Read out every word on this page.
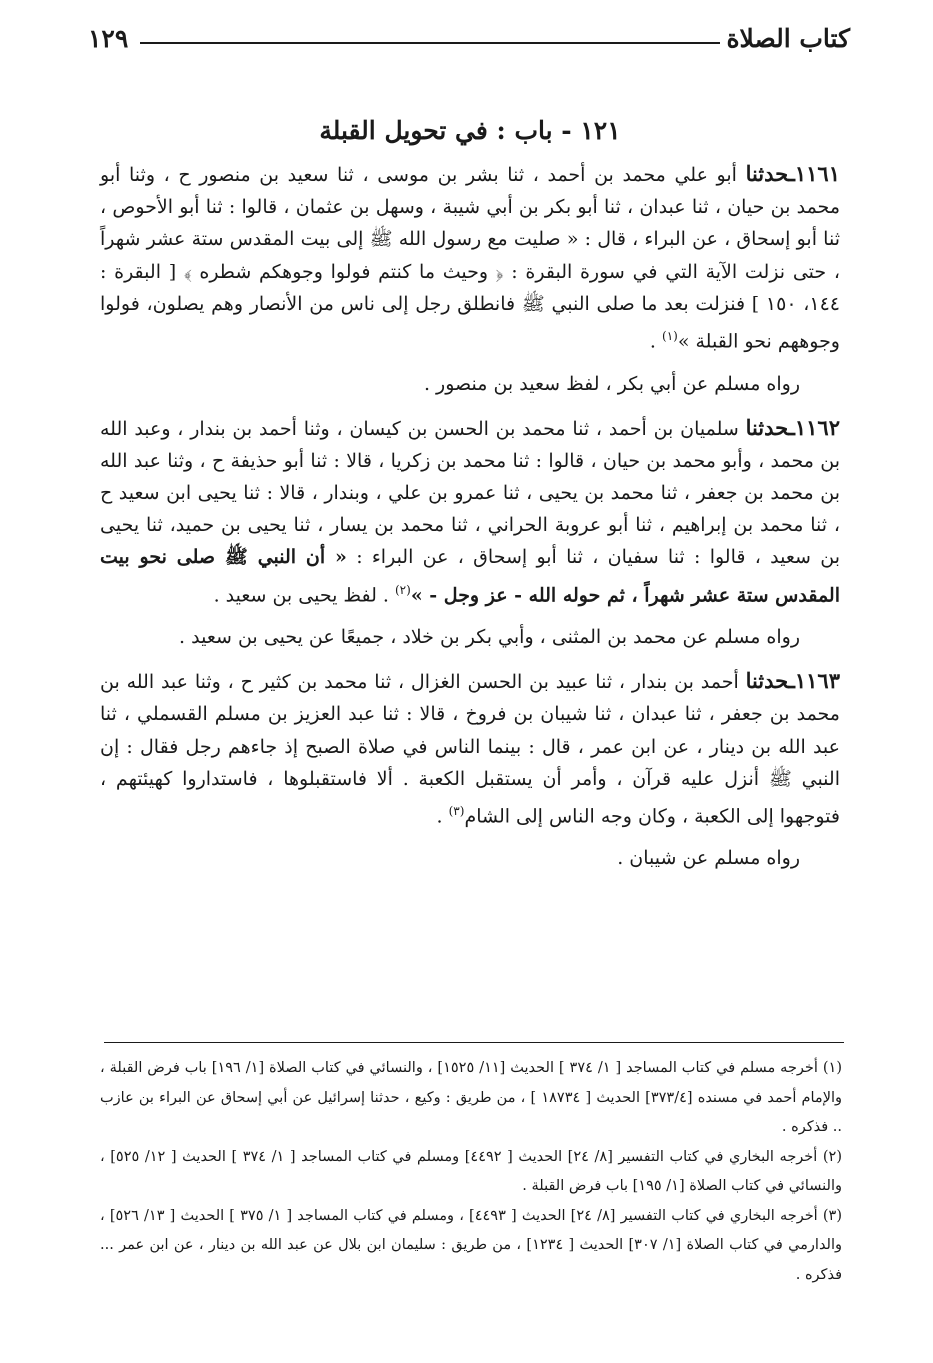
كتاب الصلاة
١٢٩
١٢١ - باب : في تحويل القبلة

١١٦١ـحدثنا أبو علي محمد بن أحمد ، ثنا بشر بن موسى ، ثنا سعيد بن منصور ح ، وثنا أبو محمد بن حيان ، ثنا عبدان ، ثنا أبو بكر بن أبي شيبة ، وسهل بن عثمان ، قالوا : ثنا أبو الأحوص ، ثنا أبو إسحاق ، عن البراء ، قال : « صليت مع رسول الله ﷺ إلى بيت المقدس ستة عشر شهراً ، حتى نزلت الآية التي في سورة البقرة : ﴿ وحيث ما كنتم فولوا وجوهكم شطره ﴾ [ البقرة : ١٤٤، ١٥٠ ] فنزلت بعد ما صلى النبي ﷺ فانطلق رجل إلى ناس من الأنصار وهم يصلون، فولوا وجوههم نحو القبلة »$^{(١)}$ .

رواه مسلم عن أبي بكر ، لفظ سعيد بن منصور .

١١٦٢ـحدثنا سلميان بن أحمد ، ثنا محمد بن الحسن بن كيسان ، وثنا أحمد بن بندار ، وعبد الله بن محمد ، وأبو محمد بن حيان ، قالوا : ثنا محمد بن زكريا ، قالا : ثنا أبو حذيفة ح ، وثنا عبد الله بن محمد بن جعفر ، ثنا محمد بن يحيى ، ثنا عمرو بن علي ، وبندار ، قالا : ثنا يحيى ابن سعيد ح ، ثنا محمد بن إبراهيم ، ثنا أبو عروبة الحراني ، ثنا محمد بن يسار ، ثنا يحيى بن حميد، ثنا يحيى بن سعيد ، قالوا : ثنا سفيان ، ثنا أبو إسحاق ، عن البراء : « أن النبي ﷺ صلى نحو بيت المقدس ستة عشر شهراً ، ثم حوله الله - عز وجل - »$^{(٢)}$ . لفظ يحيى بن سعيد .

رواه مسلم عن محمد بن المثنى ، وأبي بكر بن خلاد ، جميعًا عن يحيى بن سعيد .

١١٦٣ـحدثنا أحمد بن بندار ، ثنا عبيد بن الحسن الغزال ، ثنا محمد بن كثير ح ، وثنا عبد الله بن محمد بن جعفر ، ثنا عبدان ، ثنا شيبان بن فروخ ، قالا : ثنا عبد العزيز بن مسلم القسملي ، ثنا عبد الله بن دينار ، عن ابن عمر ، قال : بينما الناس في صلاة الصبح إذ جاءهم رجل فقال : إن النبي ﷺ أنزل عليه قرآن ، وأمر أن يستقبل الكعبة . ألا فاستقبلوها ، فاستداروا كهيئتهم ، فتوجهوا إلى الكعبة ، وكان وجه الناس إلى الشام$^{(٣)}$ .

رواه مسلم عن شيبان .

(١) أخرجه مسلم في كتاب المساجد [ ١/ ٣٧٤ ] الحديث [١١/ ١٥٢٥] ، والنسائي في كتاب الصلاة [١/ ١٩٦] باب فرض القبلة ، والإمام أحمد في مسنده [٣٧٣/٤] الحديث [ ١٨٧٣٤ ] ، من طريق : وكيع ، حدثنا إسرائيل عن أبي إسحاق عن البراء بن عازب .. فذكره .

(٢) أخرجه البخاري في كتاب التفسير [٨/ ٢٤] الحديث [ ٤٤٩٢] ومسلم في كتاب المساجد [ ١/ ٣٧٤ ] الحديث [ ١٢/ ٥٢٥] ، والنسائي في كتاب الصلاة [١/ ١٩٥] باب فرض القبلة .

(٣) أخرجه البخاري في كتاب التفسير [٨/ ٢٤] الحديث [ ٤٤٩٣] ، ومسلم في كتاب المساجد [ ١/ ٣٧٥ ] الحديث [ ١٣/ ٥٢٦] ، والدارمي في كتاب الصلاة [١/ ٣٠٧] الحديث [ ١٢٣٤] ، من طريق : سليمان ابن بلال عن عبد الله بن دينار ، عن ابن عمر ... فذكره .
